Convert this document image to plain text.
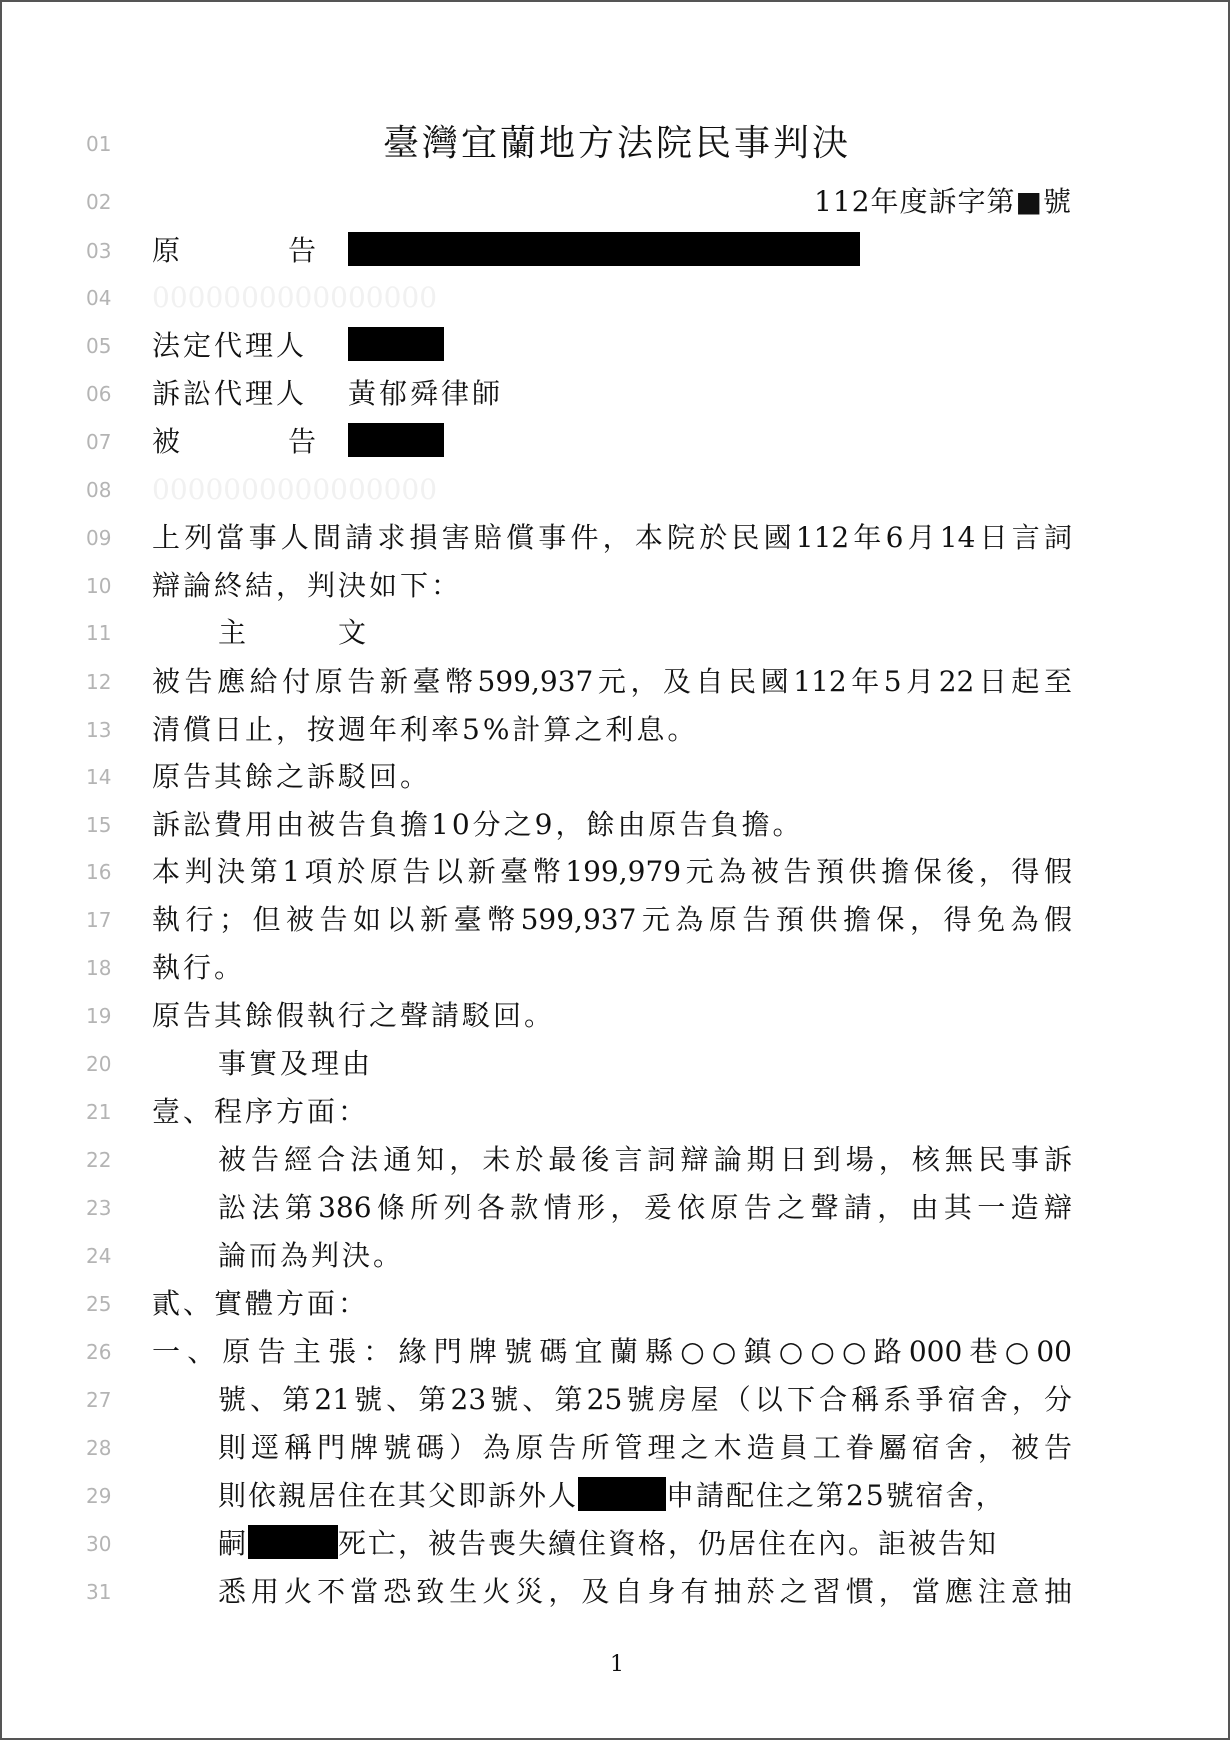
臺灣宜蘭地方法院民事判決
01
02	112年度訴字第■號
03	原	告
04	0000000000000000
05	法定代理人
06	訴訟代理人 黃郁舜律師
07	被	告
08	0000000000000000
09	上列當事人間請求損害賠償事件，本院於民國112年6月14日言詞
10	辯論終結，判決如下：
11	主文
12	被告應給付原告新臺幣599,937元，及自民國112年5月22日起至
13	清償日止，按週年利率5%計算之利息。
14	原告其餘之訴駁回。
15	訴訟費用由被告負擔10分之9，餘由原告負擔。
16	本判決第1項於原告以新臺幣199,979元為被告預供擔保後，得假
17	執行；但被告如以新臺幣599,937元為原告預供擔保，得免為假
18	執行。
19	原告其餘假執行之聲請駁回。
20	事實及理由
21	壹、程序方面：
22	被告經合法通知，未於最後言詞辯論期日到場，核無民事訴
23	訟法第386條所列各款情形，爰依原告之聲請，由其一造辯
24	論而為判決。
25	貳、實體方面：
26	一、原告主張：緣門牌號碼宜蘭縣○○鎮○○○路000巷○00
27	號、第21號、第23號、第25號房屋（以下合稱系爭宿舍，分
28	則逕稱門牌號碼）為原告所管理之木造員工眷屬宿舍，被告
29	則依親居住在其父即訴外人	申請配住之第25號宿舍，
30	嗣	死亡，被告喪失續住資格，仍居住在內。詎被告知
31	悉用火不當恐致生火災，及自身有抽菸之習慣，當應注意抽
1
